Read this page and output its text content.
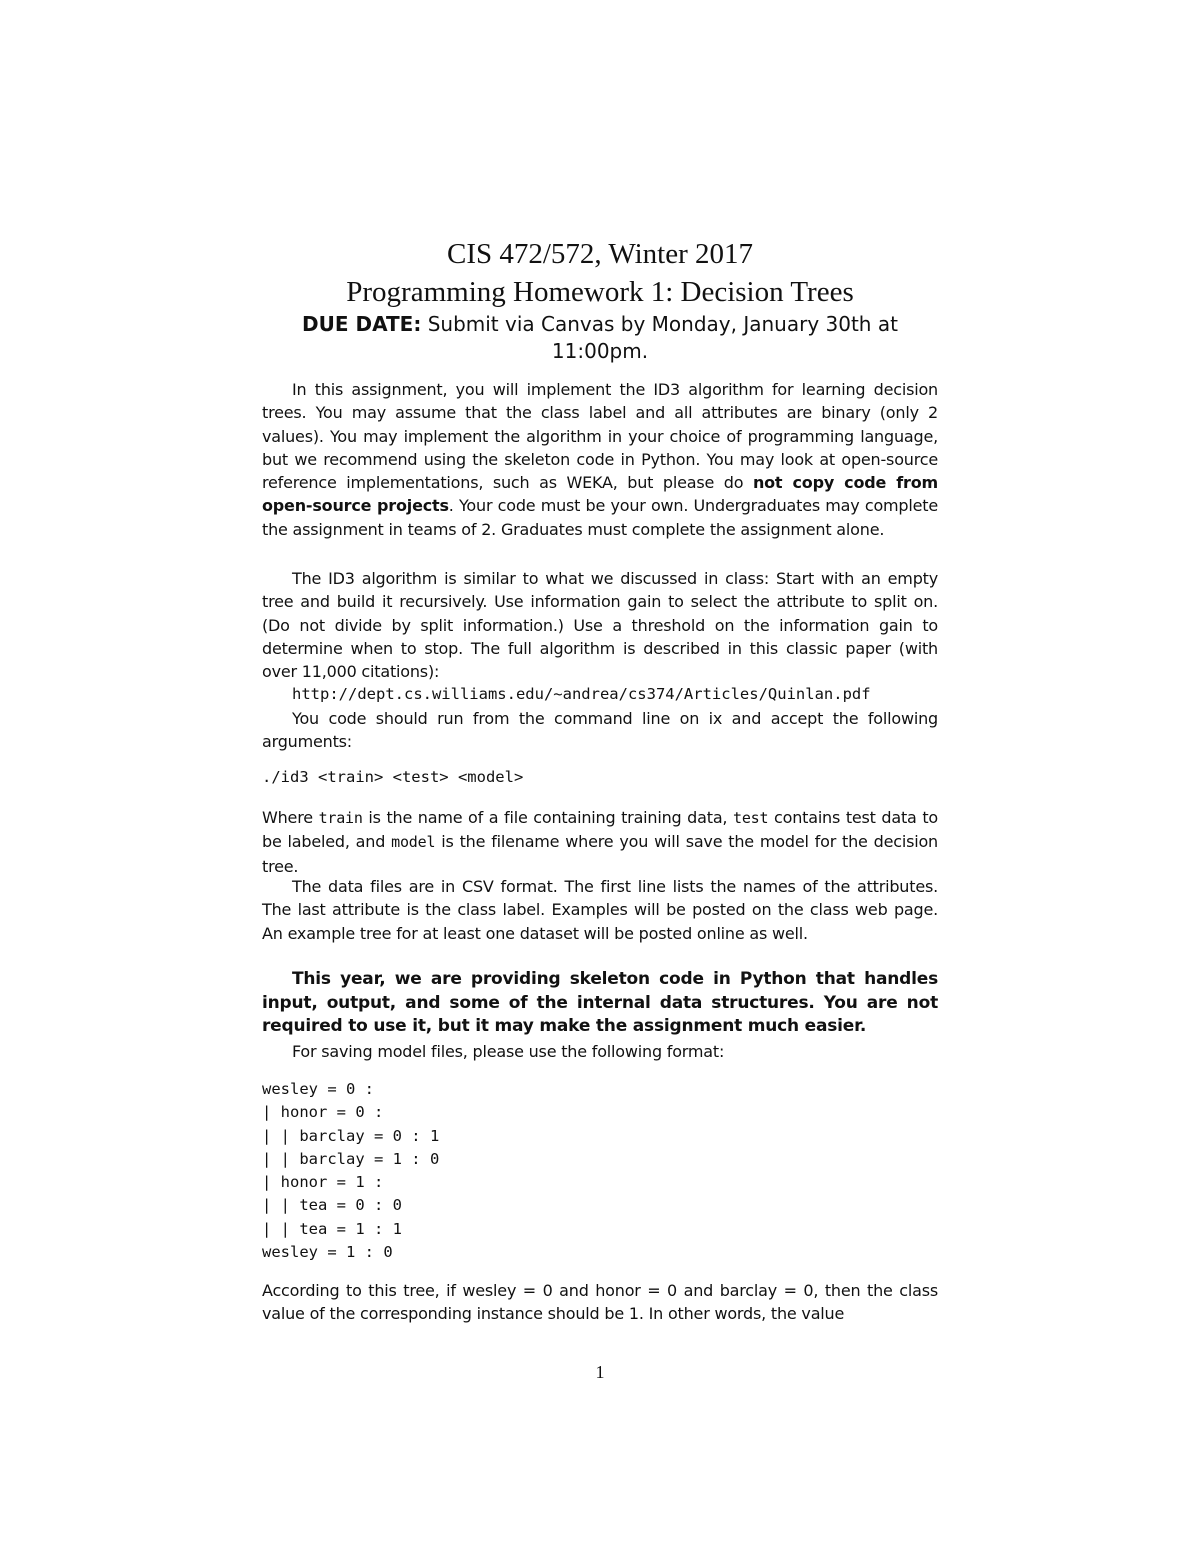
CIS 472/572, Winter 2017
Programming Homework 1: Decision Trees
DUE DATE: Submit via Canvas by Monday, January 30th at 11:00pm.

In this assignment, you will implement the ID3 algorithm for learning decision trees. You may assume that the class label and all attributes are binary (only 2 values). You may implement the algorithm in your choice of programming language, but we recommend using the skeleton code in Python. You may look at open-source reference implementations, such as WEKA, but please do not copy code from open-source projects. Your code must be your own. Undergraduates may complete the assignment in teams of 2. Graduates must complete the assignment alone.

The ID3 algorithm is similar to what we discussed in class: Start with an empty tree and build it recursively. Use information gain to select the attribute to split on. (Do not divide by split information.) Use a threshold on the information gain to determine when to stop. The full algorithm is described in this classic paper (with over 11,000 citations):

http://dept.cs.williams.edu/~andrea/cs374/Articles/Quinlan.pdf

You code should run from the command line on ix and accept the following arguments:

./id3 <train> <test> <model>

Where train is the name of a file containing training data, test contains test data to be labeled, and model is the filename where you will save the model for the decision tree.

The data files are in CSV format. The first line lists the names of the attributes. The last attribute is the class label. Examples will be posted on the class web page. An example tree for at least one dataset will be posted online as well.

This year, we are providing skeleton code in Python that handles input, output, and some of the internal data structures. You are not required to use it, but it may make the assignment much easier.

For saving model files, please use the following format:

wesley = 0 :
| honor = 0 :
| | barclay = 0 : 1
| | barclay = 1 : 0
| honor = 1 :
| | tea = 0 : 0
| | tea = 1 : 1
wesley = 1 : 0

According to this tree, if wesley = 0 and honor = 0 and barclay = 0, then the class value of the corresponding instance should be 1. In other words, the value

1
